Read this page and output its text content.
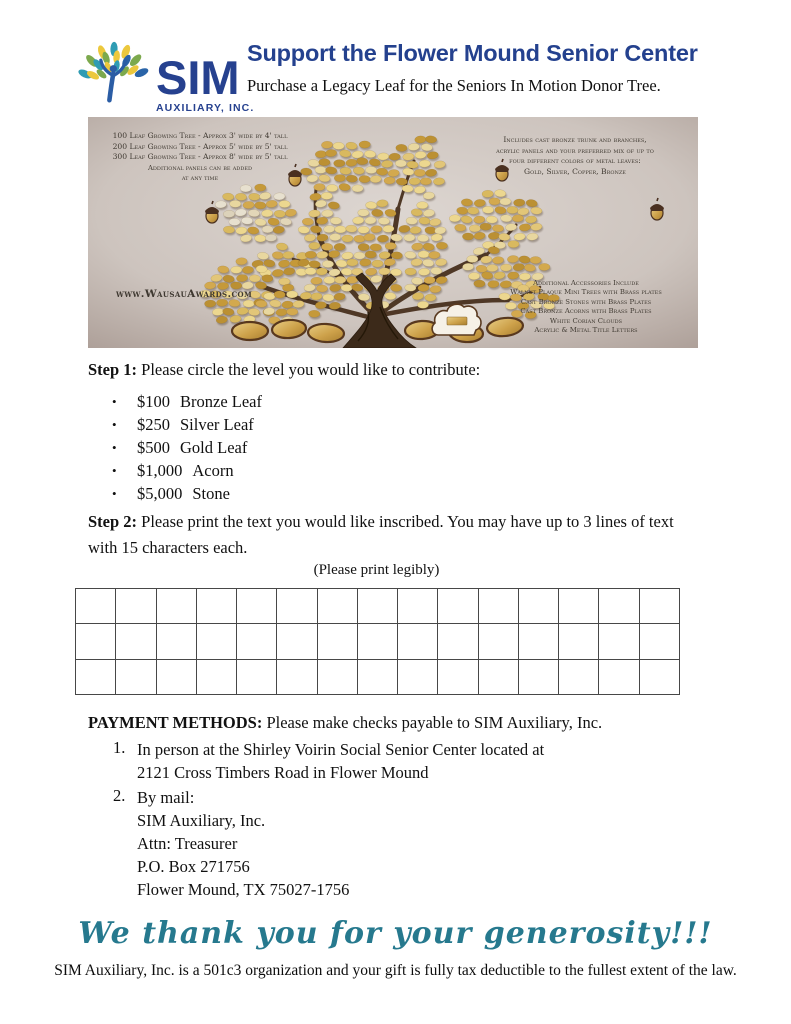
SIM
AUXILIARY, INC.
Support the Flower Mound Senior Center
Purchase a Legacy Leaf for the Seniors In Motion Donor Tree.
100 Leaf Growing Tree - Approx 3' wide by 4' tall
200 Leaf Growing Tree - Approx 5' wide by 5' tall
300 Leaf Growing Tree - Approx 8' wide by 5' tall
Additional panels can be added
at any time
Includes cast bronze trunk and branches,
acrylic panels and your preferred mix of up to
four different colors of metal leaves:
Gold, Silver, Copper, Bronze
Additional Accessories Include
Walnut Plaque Mini Trees with Brass plates
Cast Bronze Stones with Brass Plates
Cast Bronze Acorns with Brass Plates
White Corian Clouds
Acrylic & Metal Title Letters
www.WausauAwards.com
Step 1: Please circle the level you would like to contribute:
•	$100 Bronze Leaf
•	$250 Silver Leaf
•	$500 Gold Leaf
•	$1,000 Acorn
•	$5,000 Stone
Step 2: Please print the text you would like inscribed. You may have up to 3 lines of text with 15 characters each.
(Please print legibly)
PAYMENT METHODS: Please make checks payable to SIM Auxiliary, Inc.
1. In person at the Shirley Voirin Social Senior Center located at
2121 Cross Timbers Road in Flower Mound
2. By mail:
SIM Auxiliary, Inc.
Attn: Treasurer
P.O. Box 271756
Flower Mound, TX 75027-1756
We thank you for your generosity!!!
SIM Auxiliary, Inc. is a 501c3 organization and your gift is fully tax deductible to the fullest extent of the law.
